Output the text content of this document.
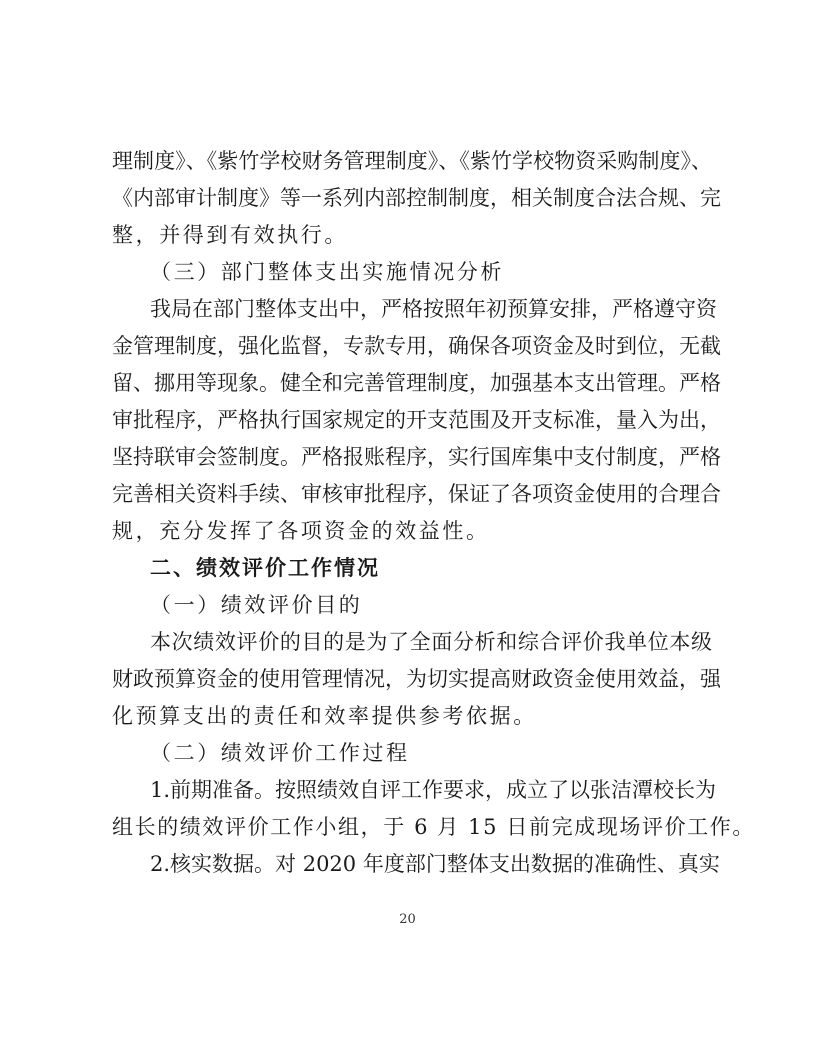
理制度》、《紫竹学校财务管理制度》、《紫竹学校物资采购制度》、
《内部审计制度》等一系列内部控制制度，相关制度合法合规、完
整，并得到有效执行。
（三）部门整体支出实施情况分析
我局在部门整体支出中，严格按照年初预算安排，严格遵守资
金管理制度，强化监督，专款专用，确保各项资金及时到位，无截
留、挪用等现象。健全和完善管理制度，加强基本支出管理。严格
审批程序，严格执行国家规定的开支范围及开支标准，量入为出，
坚持联审会签制度。严格报账程序，实行国库集中支付制度，严格
完善相关资料手续、审核审批程序，保证了各项资金使用的合理合
规，充分发挥了各项资金的效益性。
二、绩效评价工作情况
（一）绩效评价目的
本次绩效评价的目的是为了全面分析和综合评价我单位本级
财政预算资金的使用管理情况，为切实提高财政资金使用效益，强
化预算支出的责任和效率提供参考依据。
（二）绩效评价工作过程
1.前期准备。按照绩效自评工作要求，成立了以张洁潭校长为
组长的绩效评价工作小组，于 6 月 15 日前完成现场评价工作。
2.核实数据。对 2020 年度部门整体支出数据的准确性、真实
20
